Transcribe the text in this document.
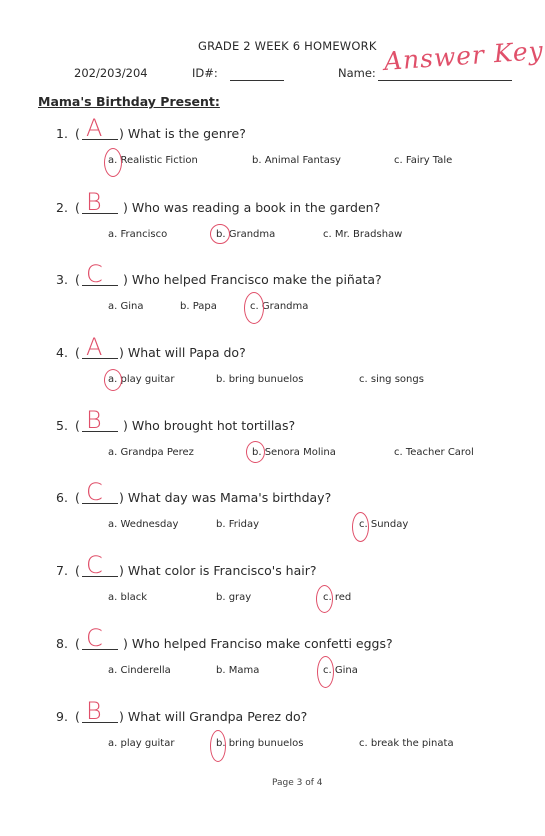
GRADE 2 WEEK 6 HOMEWORK
202/203/204	ID#:	Name: Answer Key
Mama's Birthday Present:
1. ( A ) What is the genre?
a. Realistic Fiction	b. Animal Fantasy	c. Fairy Tale
2. ( B ) Who was reading a book in the garden?
a. Francisco	b. Grandma	c. Mr. Bradshaw
3. ( C ) Who helped Francisco make the piñata?
a. Gina	b. Papa	c. Grandma
4. ( A ) What will Papa do?
a. play guitar	b. bring bunuelos	c. sing songs
5. ( B ) Who brought hot tortillas?
a. Grandpa Perez	b. Senora Molina	c. Teacher Carol
6. ( C ) What day was Mama's birthday?
a. Wednesday	b. Friday	c. Sunday
7. ( C ) What color is Francisco's hair?
a. black	b. gray	c. red
8. ( C ) Who helped Franciso make confetti eggs?
a. Cinderella	b. Mama	c. Gina
9. ( B ) What will Grandpa Perez do?
a. play guitar	b. bring bunuelos	c. break the pinata
Page 3 of 4
